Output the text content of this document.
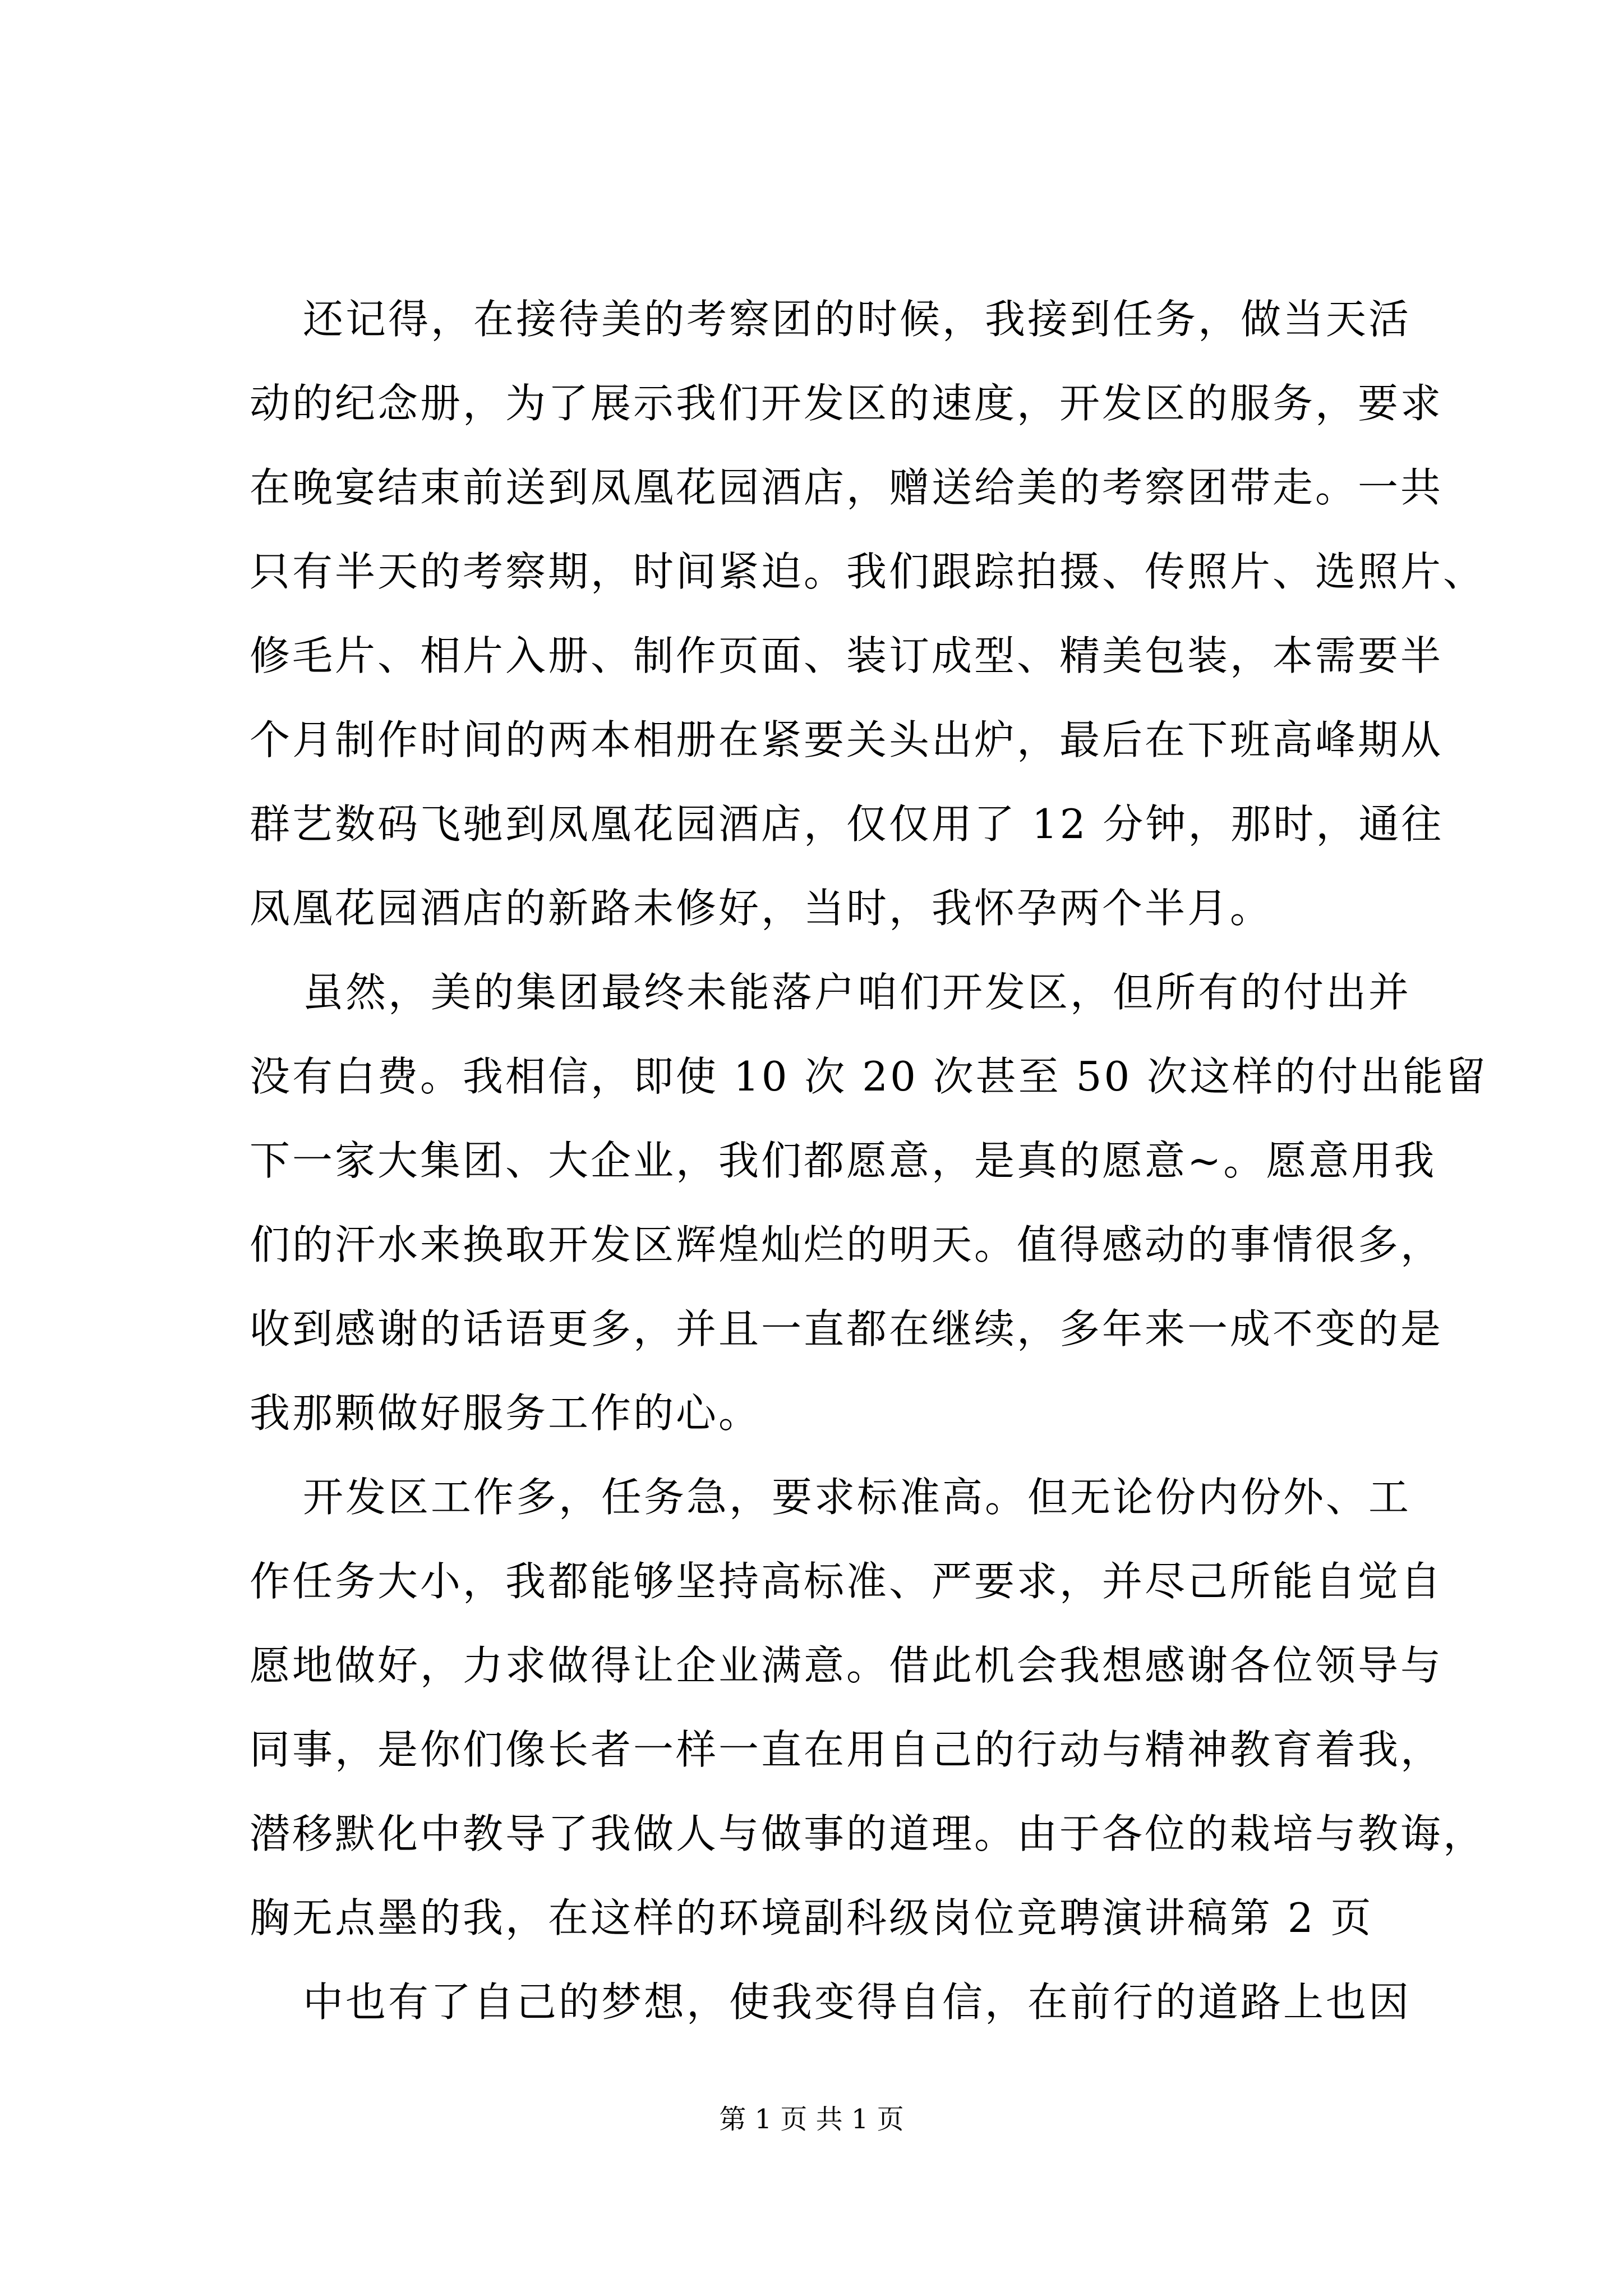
还记得，在接待美的考察团的时候，我接到任务，做当天活
动的纪念册，为了展示我们开发区的速度，开发区的服务，要求
在晚宴结束前送到凤凰花园酒店，赠送给美的考察团带走。一共
只有半天的考察期，时间紧迫。我们跟踪拍摄、传照片、选照片、
修毛片、相片入册、制作页面、装订成型、精美包装，本需要半
个月制作时间的两本相册在紧要关头出炉，最后在下班高峰期从
群艺数码飞驰到凤凰花园酒店，仅仅用了 12 分钟，那时，通往
凤凰花园酒店的新路未修好，当时，我怀孕两个半月。
虽然，美的集团最终未能落户咱们开发区，但所有的付出并
没有白费。我相信，即使 10 次 20 次甚至 50 次这样的付出能留
下一家大集团、大企业，我们都愿意，是真的愿意~。愿意用我
们的汗水来换取开发区辉煌灿烂的明天。值得感动的事情很多，
收到感谢的话语更多，并且一直都在继续，多年来一成不变的是
我那颗做好服务工作的心。
开发区工作多，任务急，要求标准高。但无论份内份外、工
作任务大小，我都能够坚持高标准、严要求，并尽己所能自觉自
愿地做好，力求做得让企业满意。借此机会我想感谢各位领导与
同事，是你们像长者一样一直在用自己的行动与精神教育着我，
潜移默化中教导了我做人与做事的道理。由于各位的栽培与教诲，
胸无点墨的我，在这样的环境副科级岗位竞聘演讲稿第 2 页
中也有了自己的梦想，使我变得自信，在前行的道路上也因
第 1 页 共 1 页
